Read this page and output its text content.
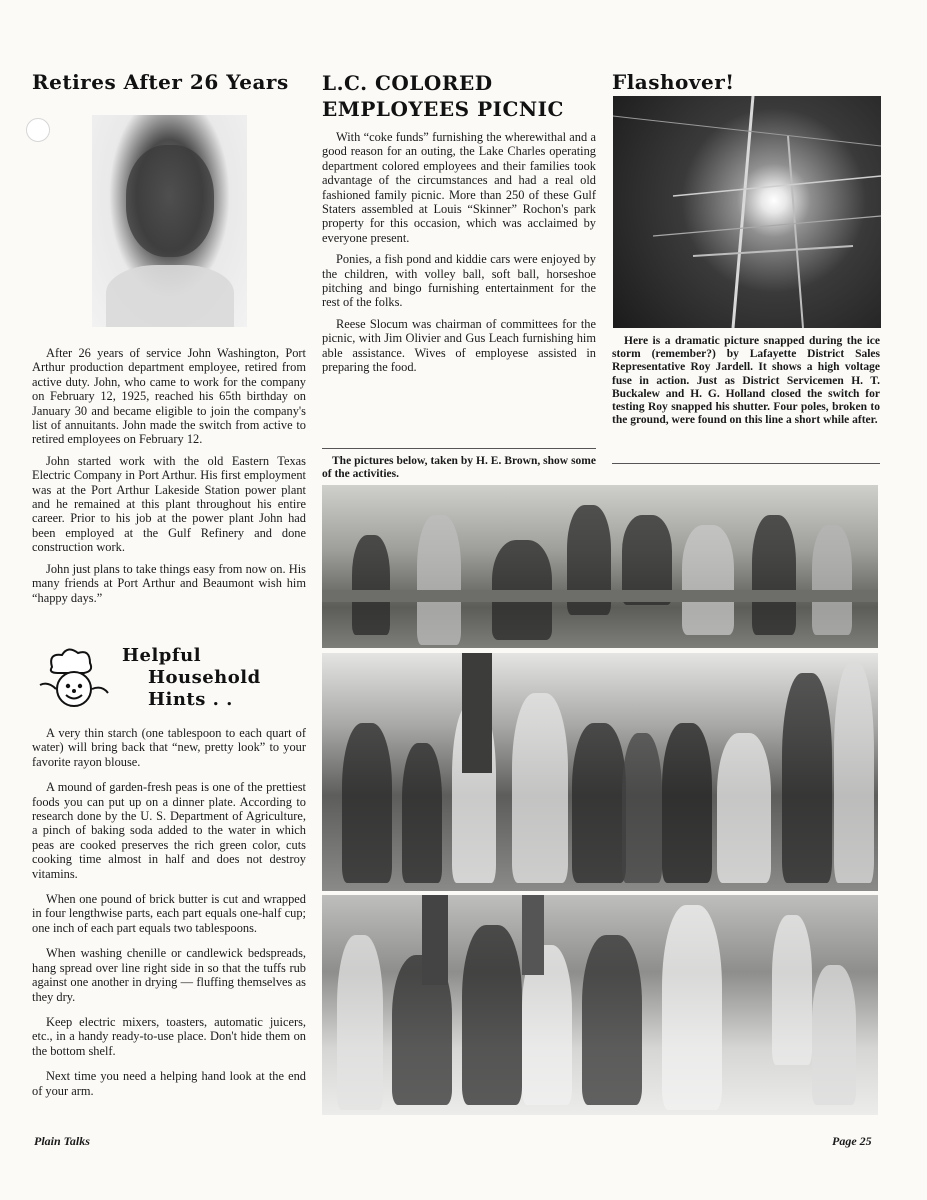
Retires After 26 Years

After 26 years of service John Washington, Port Arthur production department employee, retired from active duty. John, who came to work for the company on February 12, 1925, reached his 65th birthday on January 30 and became eligible to join the company's list of annuitants. John made the switch from active to retired employees on February 12.

John started work with the old Eastern Texas Electric Company in Port Arthur. His first employment was at the Port Arthur Lakeside Station power plant and he remained at this plant throughout his entire career. Prior to his job at the power plant John had been employed at the Gulf Refinery and done construction work.

John just plans to take things easy from now on. His many friends at Port Arthur and Beaumont wish him “happy days.”

Helpful
Household
Hints . .

A very thin starch (one tablespoon to each quart of water) will bring back that “new, pretty look” to your favorite rayon blouse.

A mound of garden-fresh peas is one of the prettiest foods you can put up on a dinner plate. According to research done by the U. S. Department of Agriculture, a pinch of baking soda added to the water in which peas are cooked preserves the rich green color, cuts cooking time almost in half and does not destroy vitamins.

When one pound of brick butter is cut and wrapped in four lengthwise parts, each part equals one-half cup; one inch of each part equals two tablespoons.

When washing chenille or candlewick bedspreads, hang spread over line right side in so that the tuffs rub against one another in drying — fluffing themselves as they dry.

Keep electric mixers, toasters, automatic juicers, etc., in a handy ready-to-use place. Don't hide them on the bottom shelf.

Next time you need a helping hand look at the end of your arm.

L.C. COLORED
EMPLOYEES PICNIC

With “coke funds” furnishing the wherewithal and a good reason for an outing, the Lake Charles operating department colored employees and their families took advantage of the circumstances and had a real old fashioned family picnic. More than 250 of these Gulf Staters assembled at Louis “Skinner” Rochon's park property for this occasion, which was acclaimed by everyone present.

Ponies, a fish pond and kiddie cars were enjoyed by the children, with volley ball, soft ball, horseshoe pitching and bingo furnishing entertainment for the rest of the folks.

Reese Slocum was chairman of committees for the picnic, with Jim Olivier and Gus Leach furnishing him able assistance. Wives of employese assisted in preparing the food.

The pictures below, taken by H. E. Brown, show some of the activities.

Flashover!

Here is a dramatic picture snapped during the ice storm (remember?) by Lafayette District Sales Representative Roy Jardell. It shows a high voltage fuse in action. Just as District Servicemen H. T. Buckalew and H. G. Holland closed the switch for testing Roy snapped his shutter. Four poles, broken to the ground, were found on this line a short while after.

Plain Talks	Page 25
